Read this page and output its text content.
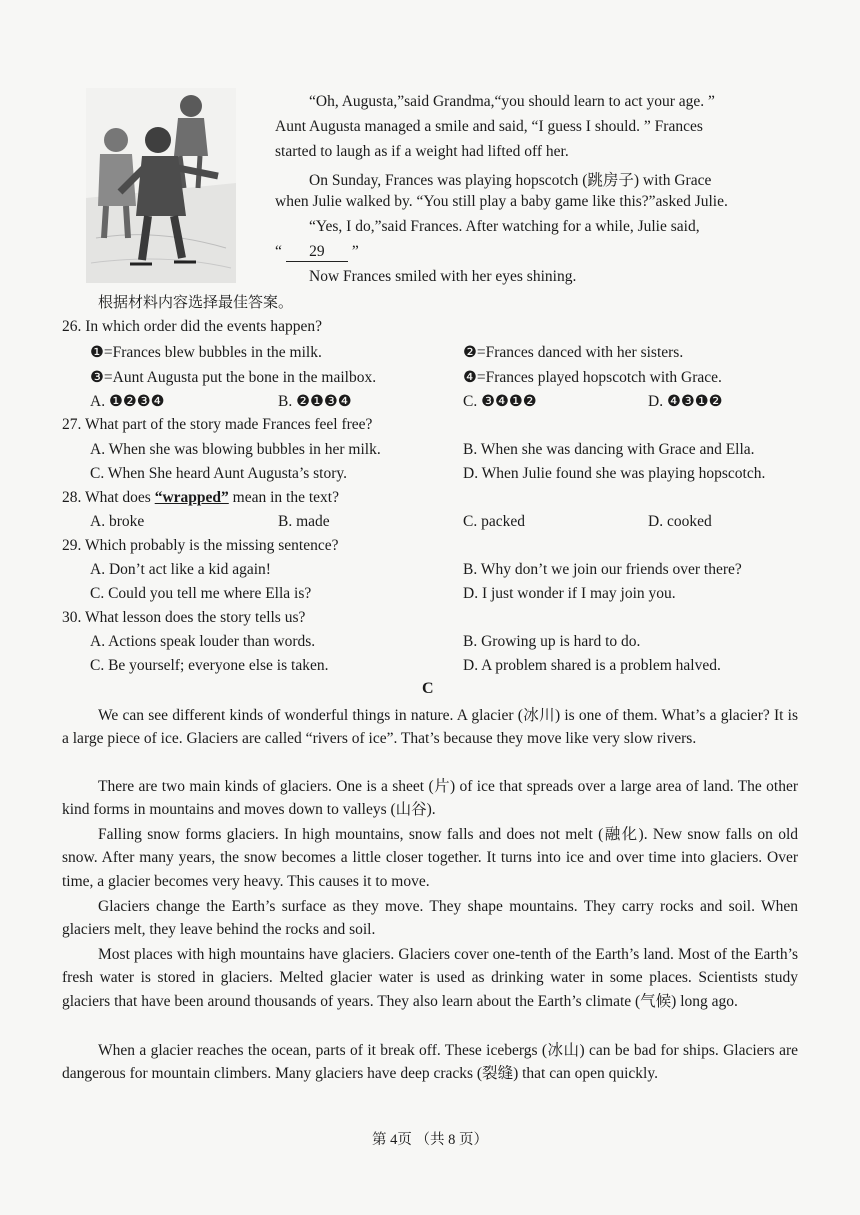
“Oh, Augusta,”said Grandma,“you should learn to act your age. ”
Aunt Augusta managed a smile and said, “I guess I should. ” Frances
started to laugh as if a weight had lifted off her.
On Sunday, Frances was playing hopscotch (跳房子) with Grace
when Julie walked by. “You still play a baby game like this?”asked Julie.
“Yes, I do,”said Frances. After watching for a while, Julie said,
“ 29 ”
Now Frances smiled with her eyes shining.
根据材料内容选择最佳答案。
26. In which order did the events happen?
❶=Frances blew bubbles in the milk.	❷=Frances danced with her sisters.
❸=Aunt Augusta put the bone in the mailbox.	❹=Frances played hopscotch with Grace.
A. ❶❷❸❹	B. ❷❶❸❹	C. ❸❹❶❷	D. ❹❸❶❷
27. What part of the story made Frances feel free?
A. When she was blowing bubbles in her milk.	B. When she was dancing with Grace and Ella.
C. When She heard Aunt Augusta’s story.	D. When Julie found she was playing hopscotch.
28. What does “wrapped” mean in the text?
A. broke	B. made	C. packed	D. cooked
29. Which probably is the missing sentence?
A. Don’t act like a kid again!	B. Why don’t we join our friends over there?
C. Could you tell me where Ella is?	D. I just wonder if I may join you.
30. What lesson does the story tells us?
A. Actions speak louder than words.	B. Growing up is hard to do.
C. Be yourself; everyone else is taken.	D. A problem shared is a problem halved.
C
We can see different kinds of wonderful things in nature. A glacier (冰川) is one of them. What’s a glacier? It is a large piece of ice. Glaciers are called “rivers of ice”. That’s because they move like very slow rivers.
There are two main kinds of glaciers. One is a sheet (片) of ice that spreads over a large area of land. The other kind forms in mountains and moves down to valleys (山谷).
Falling snow forms glaciers. In high mountains, snow falls and does not melt (融化). New snow falls on old snow. After many years, the snow becomes a little closer together. It turns into ice and over time into glaciers. Over time, a glacier becomes very heavy. This causes it to move.
Glaciers change the Earth’s surface as they move. They shape mountains. They carry rocks and soil. When glaciers melt, they leave behind the rocks and soil.
Most places with high mountains have glaciers. Glaciers cover one-tenth of the Earth’s land. Most of the Earth’s fresh water is stored in glaciers. Melted glacier water is used as drinking water in some places. Scientists study glaciers that have been around thousands of years. They also learn about the Earth’s climate (气候) long ago.
When a glacier reaches the ocean, parts of it break off. These icebergs (冰山) can be bad for ships. Glaciers are dangerous for mountain climbers. Many glaciers have deep cracks (裂缝) that can open quickly.
第 4页 （共 8 页）
